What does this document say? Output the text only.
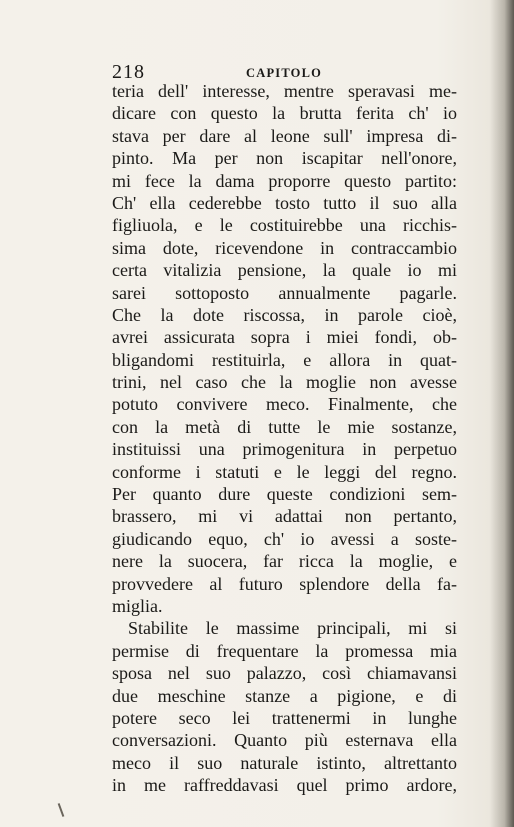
218	CAPITOLO
teria dell' interesse, mentre speravasi me-
dicare con questo la brutta ferita ch' io
stava per dare al leone sull' impresa di-
pinto. Ma per non iscapitar nell'onore,
mi fece la dama proporre questo partito:
Ch' ella cederebbe tosto tutto il suo alla
figliuola, e le costituirebbe una ricchis-
sima dote, ricevendone in contraccambio
certa vitalizia pensione, la quale io mi
sarei sottoposto annualmente pagarle.
Che la dote riscossa, in parole cioè,
avrei assicurata sopra i miei fondi, ob-
bligandomi restituirla, e allora in quat-
trini, nel caso che la moglie non avesse
potuto convivere meco. Finalmente, che
con la metà di tutte le mie sostanze,
instituissi una primogenitura in perpetuo
conforme i statuti e le leggi del regno.
Per quanto dure queste condizioni sem-
brassero, mi vi adattai non pertanto,
giudicando equo, ch' io avessi a soste-
nere la suocera, far ricca la moglie, e
provvedere al futuro splendore della fa-
miglia.
Stabilite le massime principali, mi si
permise di frequentare la promessa mia
sposa nel suo palazzo, così chiamavansi
due meschine stanze a pigione, e di
potere seco lei trattenermi in lunghe
conversazioni. Quanto più esternava ella
meco il suo naturale istinto, altrettanto
in me raffreddavasi quel primo ardore,
